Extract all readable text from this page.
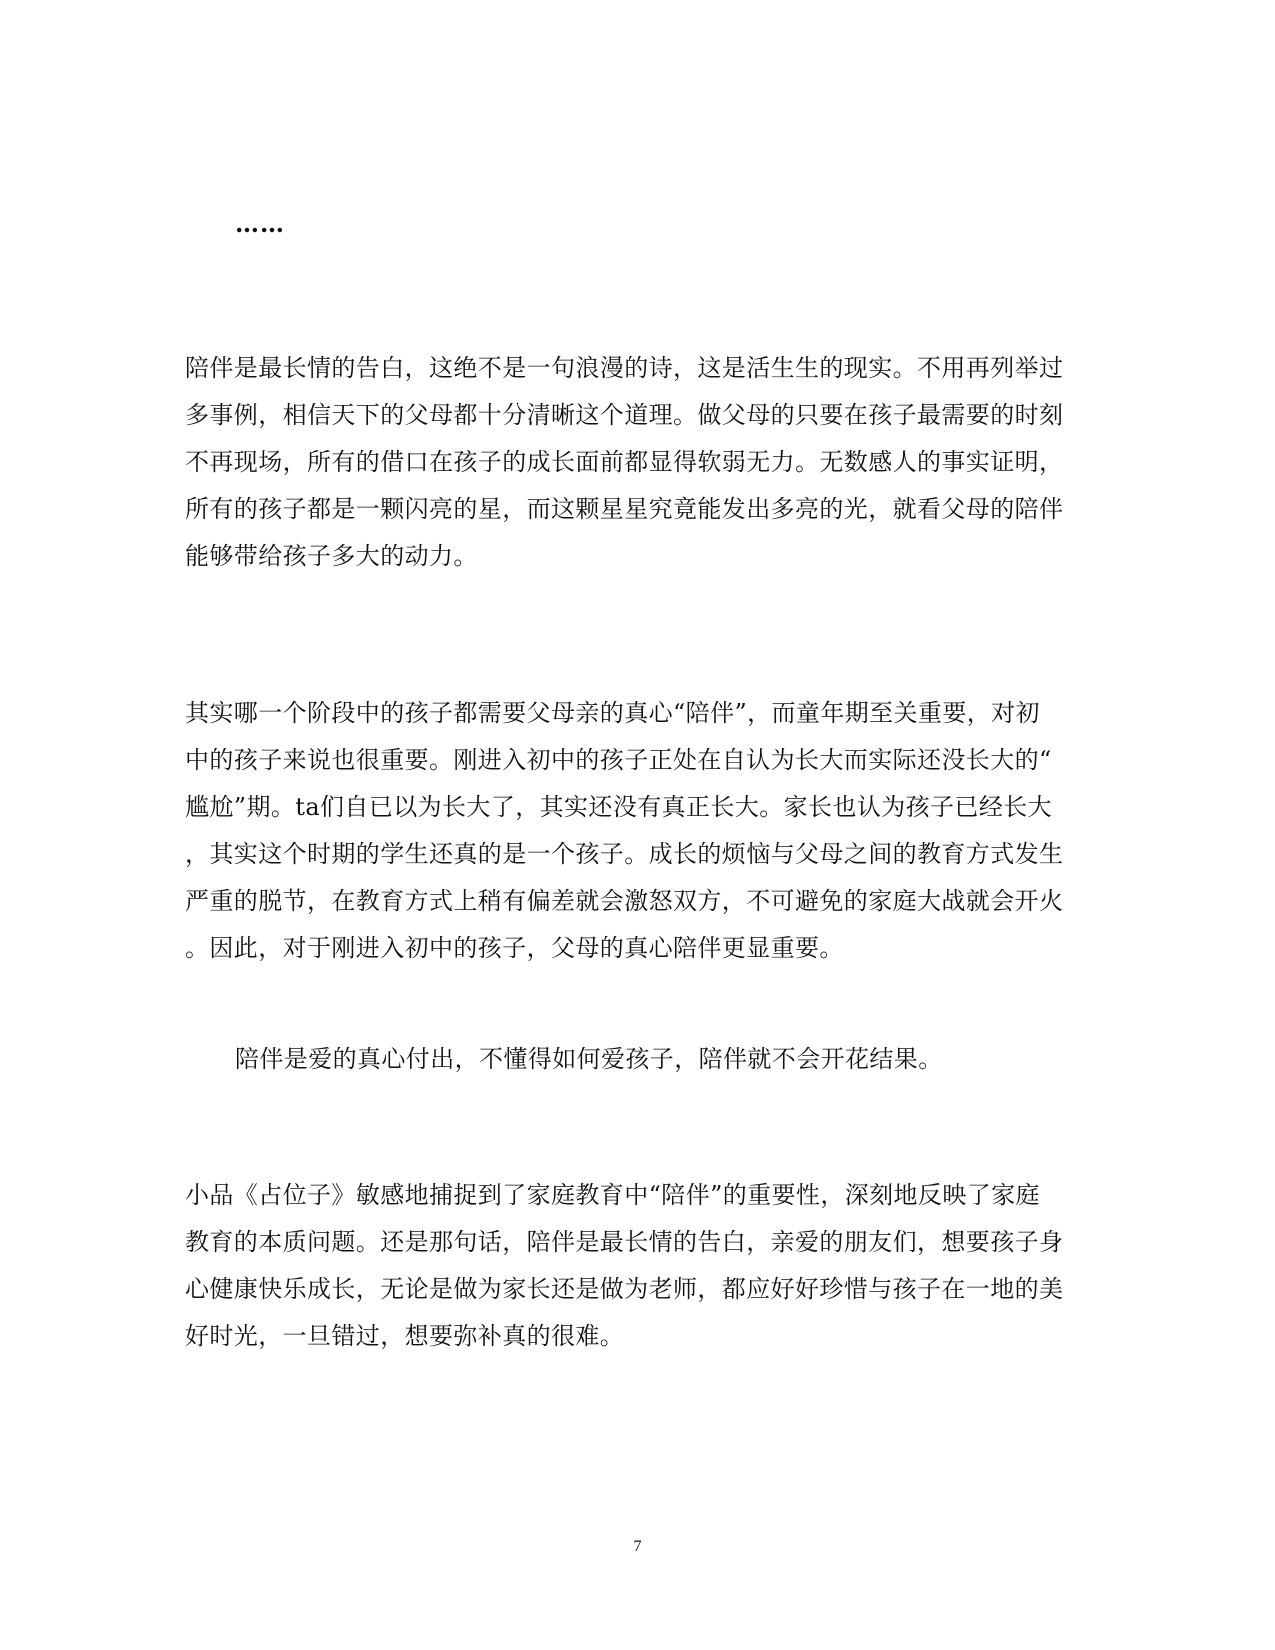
……
陪伴是最长情的告白，这绝不是一句浪漫的诗，这是活生生的现实。不用再列举过
多事例，相信天下的父母都十分清晰这个道理。做父母的只要在孩子最需要的时刻
不再现场，所有的借口在孩子的成长面前都显得软弱无力。无数感人的事实证明，
所有的孩子都是一颗闪亮的星，而这颗星星究竟能发出多亮的光，就看父母的陪伴
能够带给孩子多大的动力。
其实哪一个阶段中的孩子都需要父母亲的真心“陪伴”，而童年期至关重要，对初
中的孩子来说也很重要。刚进入初中的孩子正处在自认为长大而实际还没长大的“
尴尬”期。ta们自已以为长大了，其实还没有真正长大。家长也认为孩子已经长大
，其实这个时期的学生还真的是一个孩子。成长的烦恼与父母之间的教育方式发生
严重的脱节，在教育方式上稍有偏差就会激怒双方，不可避免的家庭大战就会开火
。因此，对于刚进入初中的孩子，父母的真心陪伴更显重要。
陪伴是爱的真心付出，不懂得如何爱孩子，陪伴就不会开花结果。
小品《占位子》敏感地捕捉到了家庭教育中“陪伴”的重要性，深刻地反映了家庭
教育的本质问题。还是那句话，陪伴是最长情的告白，亲爱的朋友们，想要孩子身
心健康快乐成长，无论是做为家长还是做为老师，都应好好珍惜与孩子在一地的美
好时光，一旦错过，想要弥补真的很难。
7
